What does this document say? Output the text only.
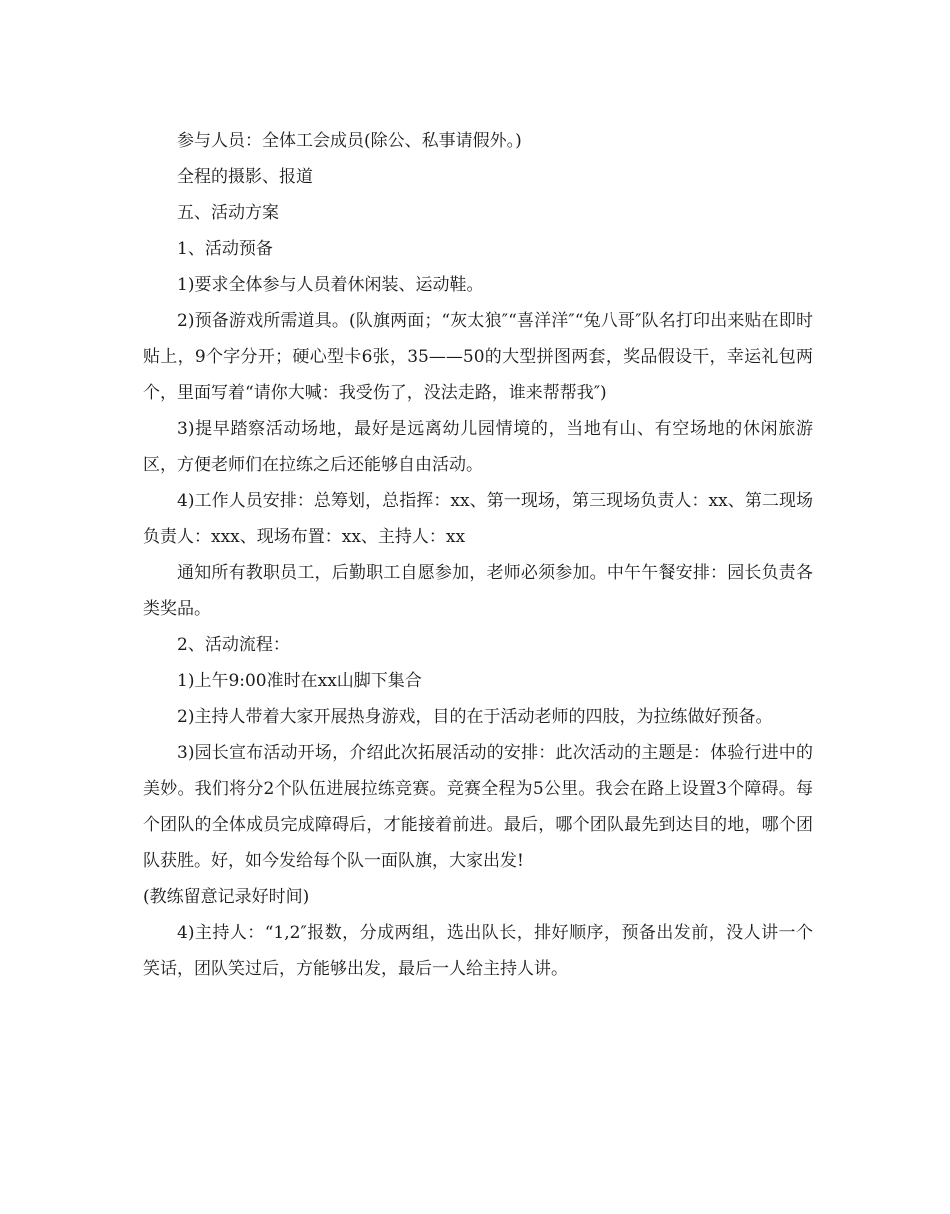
参与人员：全体工会成员(除公、私事请假外。)

全程的摄影、报道

五、活动方案

1、活动预备

1)要求全体参与人员着休闲装、运动鞋。

2)预备游戏所需道具。(队旗两面；“灰太狼″“喜洋洋″“兔八哥″队名打印出来贴在即时贴上，9个字分开；硬心型卡6张，35——50的大型拼图两套，奖品假设干，幸运礼包两个，里面写着“请你大喊：我受伤了，没法走路，谁来帮帮我″)

3)提早踏察活动场地，最好是远离幼儿园情境的，当地有山、有空场地的休闲旅游区，方便老师们在拉练之后还能够自由活动。

4)工作人员安排：总筹划，总指挥：xx、第一现场，第三现场负责人：xx、第二现场负责人：xxx、现场布置：xx、主持人：xx

通知所有教职员工，后勤职工自愿参加，老师必须参加。中午午餐安排：园长负责各类奖品。

2、活动流程：

1)上午9:00准时在xx山脚下集合

2)主持人带着大家开展热身游戏，目的在于活动老师的四肢，为拉练做好预备。

3)园长宣布活动开场，介绍此次拓展活动的安排：此次活动的主题是：体验行进中的美妙。我们将分2个队伍进展拉练竞赛。竞赛全程为5公里。我会在路上设置3个障碍。每个团队的全体成员完成障碍后，才能接着前进。最后，哪个团队最先到达目的地，哪个团队获胜。好，如今发给每个队一面队旗，大家出发!

(教练留意记录好时间)

4)主持人：“1,2″报数，分成两组，选出队长，排好顺序，预备出发前，没人讲一个笑话，团队笑过后，方能够出发，最后一人给主持人讲。
